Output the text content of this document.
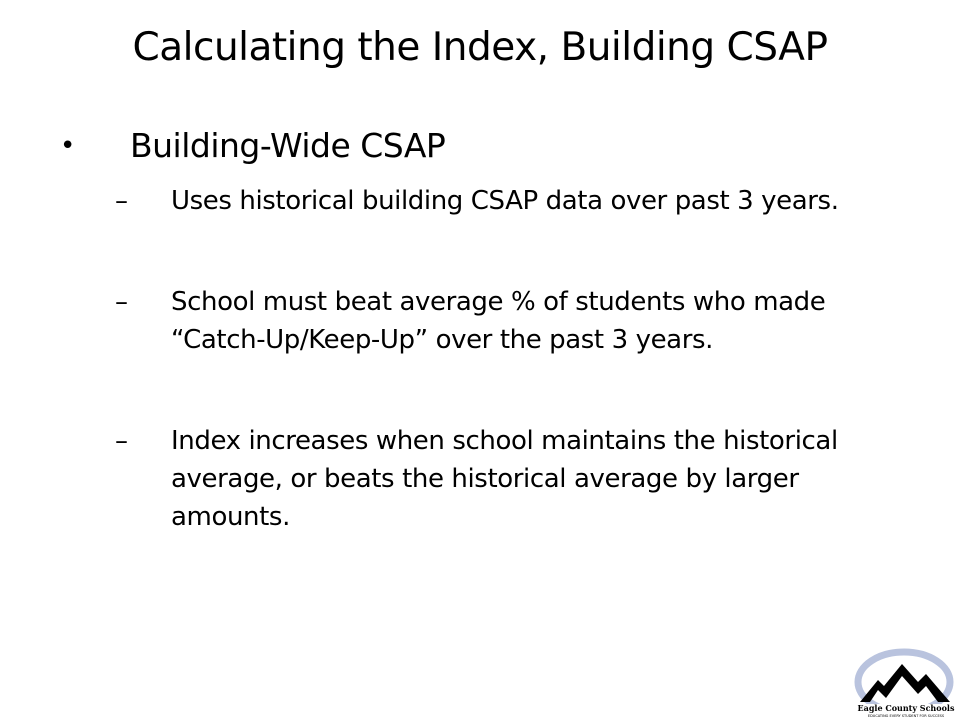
Calculating the Index, Building CSAP
• Building-Wide CSAP
– Uses historical building CSAP data over past 3 years.
– School must beat average % of students who made “Catch-Up/Keep-Up” over the past 3 years.
– Index increases when school maintains the historical average, or beats the historical average by larger amounts.
Eagle County Schools
EDUCATING EVERY STUDENT FOR SUCCESS
